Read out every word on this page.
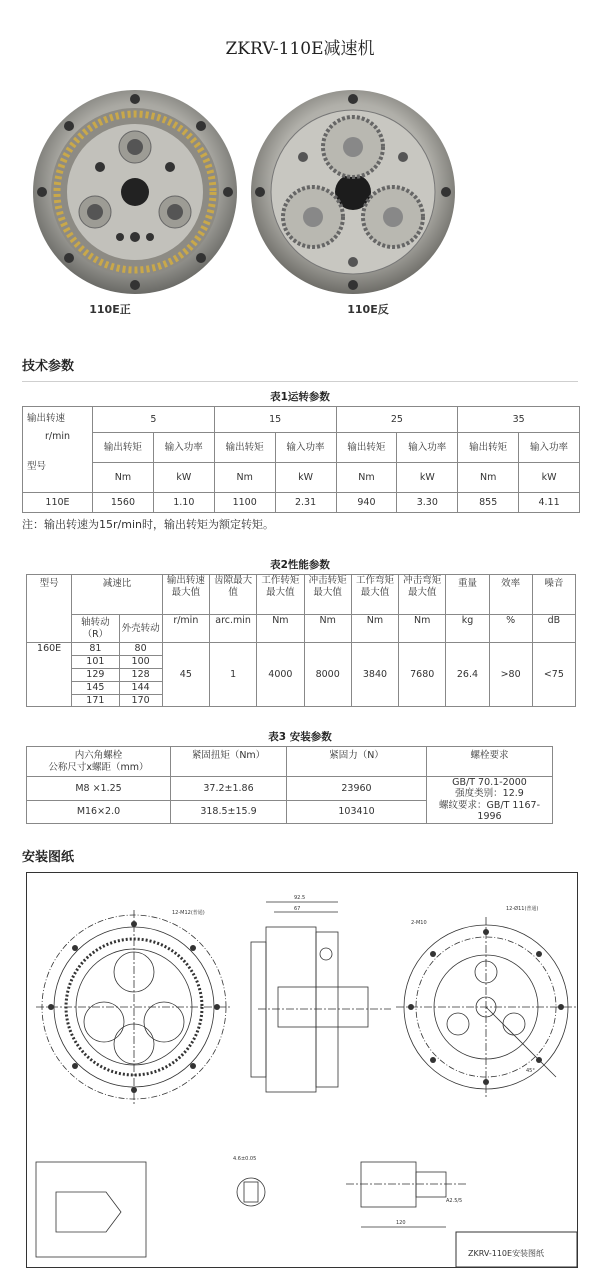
ZKRV-110E减速机
110E正	110E反
技术参数
表1运转参数
输出转速
r/min
型号	5		15		25		35	
	输出转矩	输入功率	输出转矩	输入功率	输出转矩	输入功率	输出转矩	输入功率
	Nm	kW	Nm	kW	Nm	kW	Nm	kW
110E	1560	1.10	1100	2.31	940	3.30	855	4.11
注：输出转速为15r/min时，输出转矩为额定转矩。
表2性能参数
型号	减速比		输出转速最大值	齿隙最大值	工作转矩最大值	冲击转矩最大值	工作弯矩最大值	冲击弯矩最大值	重量	效率	噪音
	轴转动（R）	外壳转动	r/min	arc.min	Nm	Nm	Nm	Nm	kg	%	dB
160E	81	80	45	1	4000	8000	3840	7680	26.4	>80	<75
	101	100									
	129	128									
	145	144									
	171	170									
表3 安装参数
内六角螺栓
公称尺寸x螺距（mm）	紧固扭矩（Nm）	紧固力（N）	螺栓要求
M8 ×1.25	37.2±1.86	23960	GB/T 70.1-2000
强度类别：12.9
螺纹要求：GB/T 1167-1996

M16×2.0	318.5±15.9	103410	
安装图纸
12-M12(普通)
92.5
67
2-M10
12-Ø11(普通)
45°
4.6±0.05
A2.5/5
120
ZKRV-110E安装图纸
